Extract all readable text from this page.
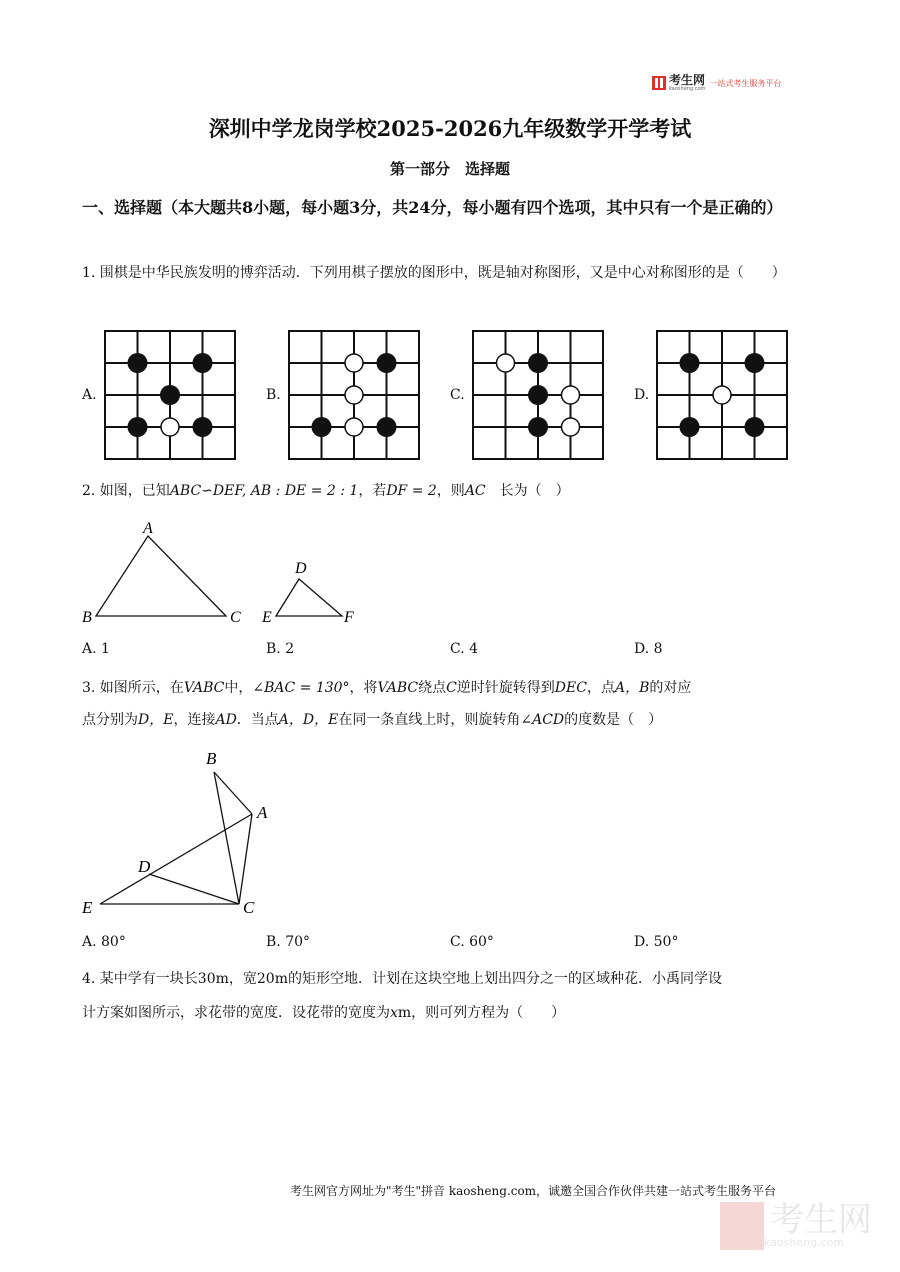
考生网
kaosheng.com
一站式考生服务平台
深圳中学龙岗学校2025-2026九年级数学开学考试
第一部分　选择题
一、选择题（本大题共8小题，每小题3分，共24分，每小题有四个选项，其中只有一个是正确的）
1. 围棋是中华民族发明的博弈活动．下列用棋子摆放的图形中，既是轴对称图形，又是中心对称图形的是（　　）
A.	B.	C.	D.
2. 如图，已知ABC∽DEF, AB : DE = 2 : 1，若DF = 2，则AC　长为（　）
A
B	C
D
E	F
A. 1	B. 2	C. 4	D. 8
3. 如图所示，在VABC中，∠BAC = 130°，将VABC绕点C逆时针旋转得到DEC，点A，B的对应
点分别为D，E，连接AD．当点A，D，E在同一条直线上时，则旋转角∠ACD的度数是（　）
B
A
D
E	C
A. 80°	B. 70°	C. 60°	D. 50°
4. 某中学有一块长30m，宽20m的矩形空地．计划在这块空地上划出四分之一的区域种花．小禹同学设
计方案如图所示，求花带的宽度．设花带的宽度为xm，则可列方程为（　　）
考生网官方网址为"考生"拼音 kaosheng.com，诚邀全国合作伙伴共建一站式考生服务平台
考生网
kaosheng.com
